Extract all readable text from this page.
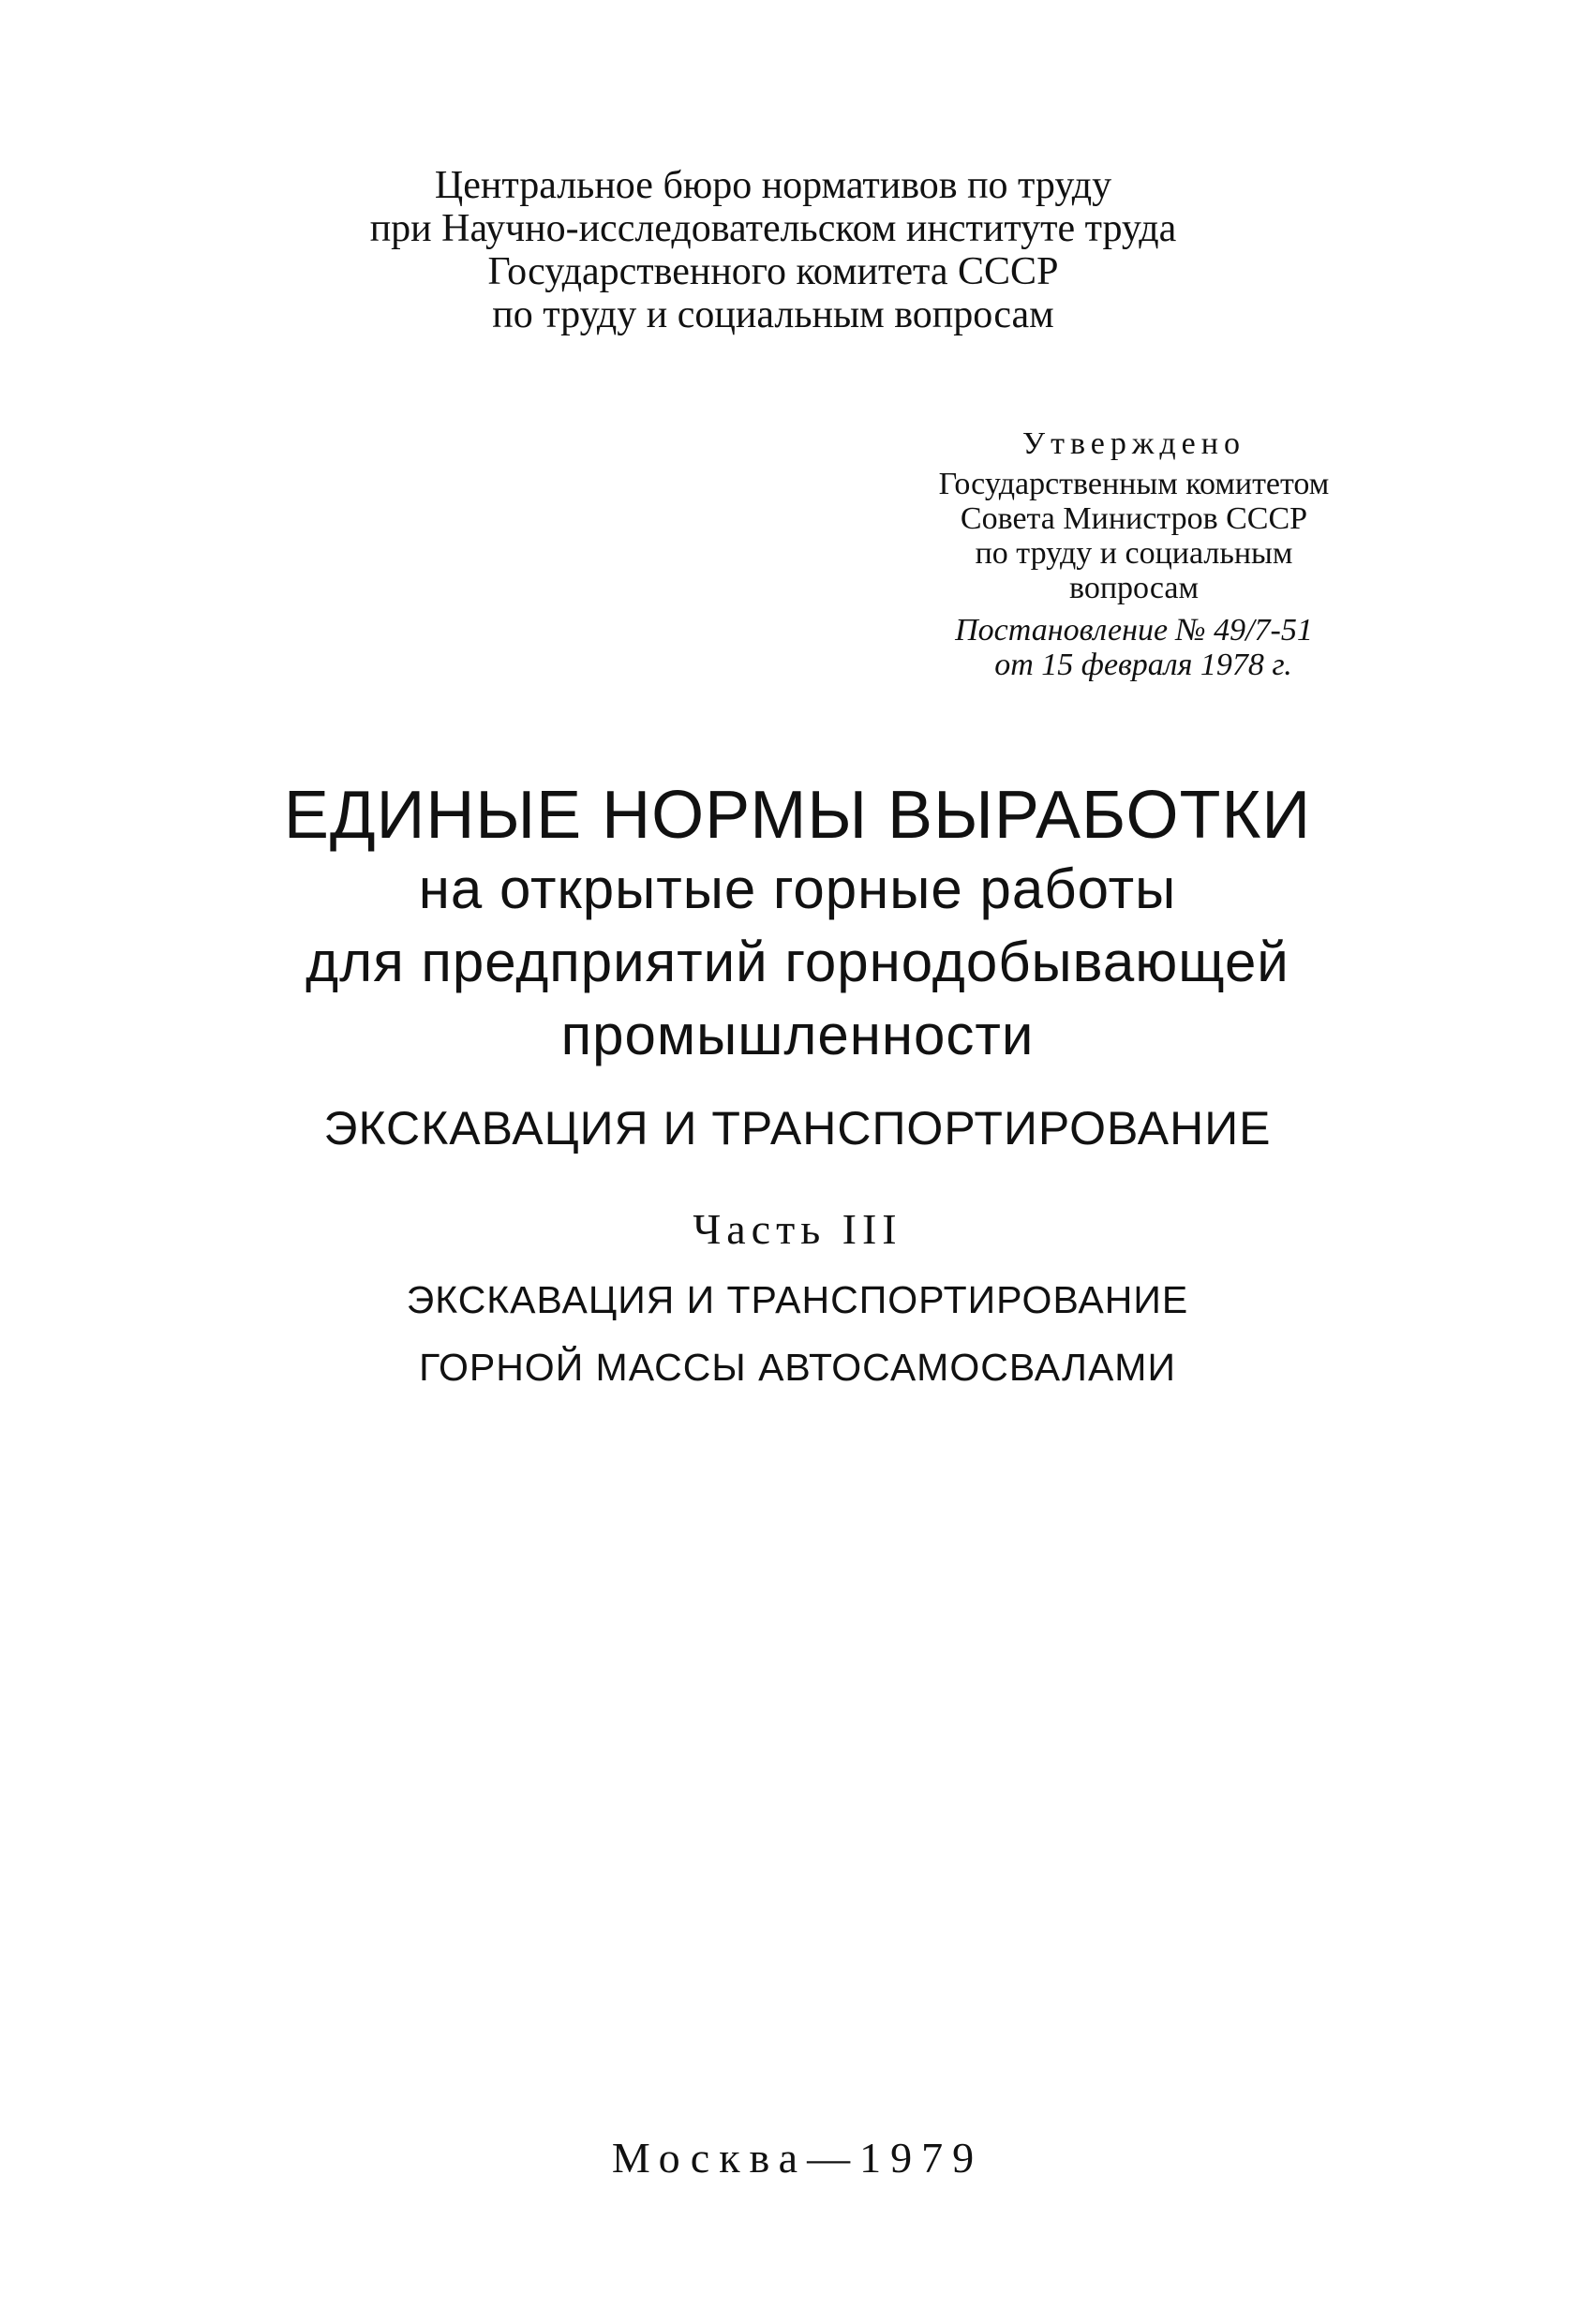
Центральное бюро нормативов по труду
при Научно-исследовательском институте труда
Государственного комитета СССР
по труду и социальным вопросам
Утверждено
Государственным комитетом
Совета Министров СССР
по труду и социальным
вопросам
Постановление № 49/7-51
от 15 февраля 1978 г.
ЕДИНЫЕ НОРМЫ ВЫРАБОТКИ
на открытые горные работы
для предприятий горнодобывающей
промышленности
ЭКСКАВАЦИЯ И ТРАНСПОРТИРОВАНИЕ
Часть III
ЭКСКАВАЦИЯ И ТРАНСПОРТИРОВАНИЕ
ГОРНОЙ МАССЫ АВТОСАМОСВАЛАМИ
Москва—1979
